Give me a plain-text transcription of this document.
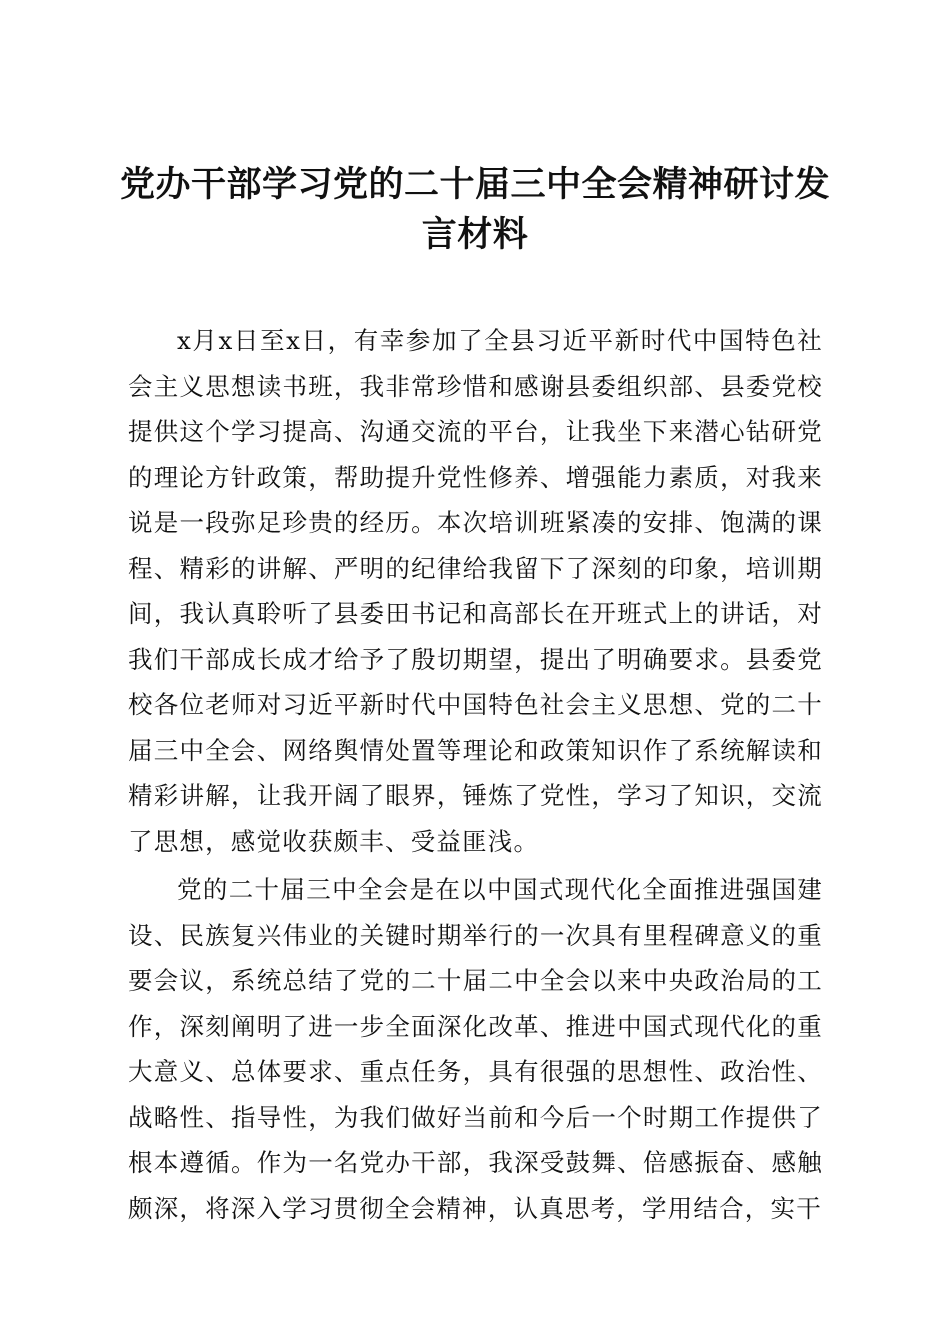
党办干部学习党的二十届三中全会精神研讨发言材料

x月x日至x日，有幸参加了全县习近平新时代中国特色社会主义思想读书班，我非常珍惜和感谢县委组织部、县委党校提供这个学习提高、沟通交流的平台，让我坐下来潜心钻研党的理论方针政策，帮助提升党性修养、增强能力素质，对我来说是一段弥足珍贵的经历。本次培训班紧凑的安排、饱满的课程、精彩的讲解、严明的纪律给我留下了深刻的印象，培训期间，我认真聆听了县委田书记和高部长在开班式上的讲话，对我们干部成长成才给予了殷切期望，提出了明确要求。县委党校各位老师对习近平新时代中国特色社会主义思想、党的二十届三中全会、网络舆情处置等理论和政策知识作了系统解读和精彩讲解，让我开阔了眼界，锤炼了党性，学习了知识，交流了思想，感觉收获颇丰、受益匪浅。

党的二十届三中全会是在以中国式现代化全面推进强国建设、民族复兴伟业的关键时期举行的一次具有里程碑意义的重要会议，系统总结了党的二十届二中全会以来中央政治局的工作，深刻阐明了进一步全面深化改革、推进中国式现代化的重大意义、总体要求、重点任务，具有很强的思想性、政治性、战略性、指导性，为我们做好当前和今后一个时期工作提供了根本遵循。作为一名党办干部，我深受鼓舞、倍感振奋、感触颇深，将深入学习贯彻全会精神，认真思考，学用结合，实干
